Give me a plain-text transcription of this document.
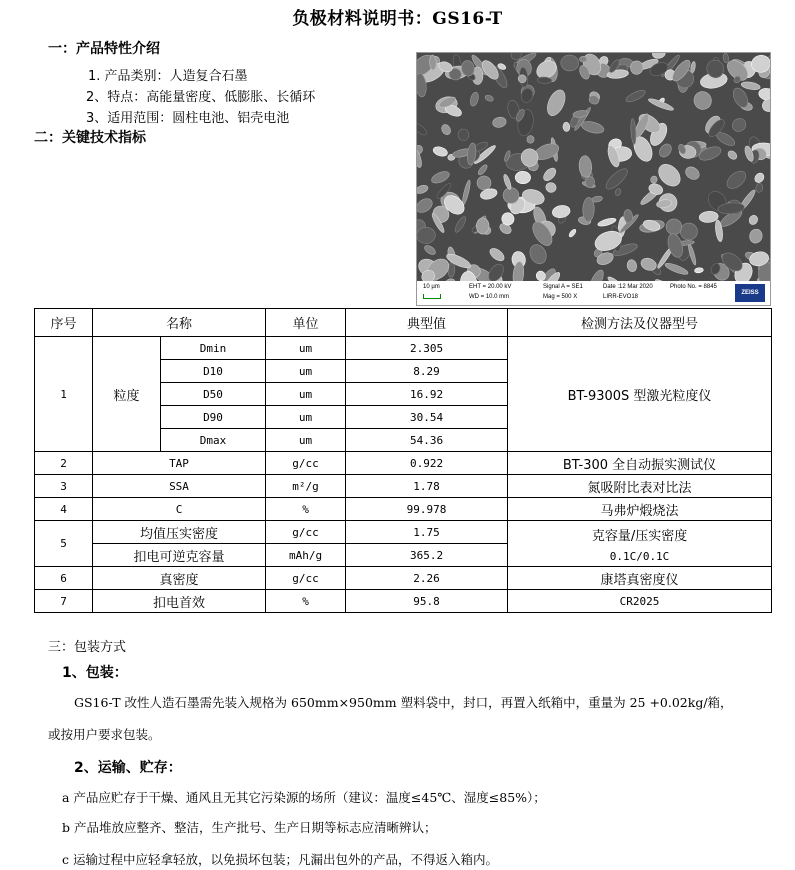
负极材料说明书：GS16-T
一：产品特性介绍
1. 产品类别：人造复合石墨
2、特点：高能量密度、低膨胀、长循环
3、适用范围：圆柱电池、铝壳电池
二：关键技术指标
10 µm	EHT = 20.00 kV
WD = 10.0 mm
Signal A = SE1
Mag = 500 X
Date :12 Mar 2020
LIRR-EVO18
Photo No. = 8845
ZEISS
序号	名称		单位	典型值	检测方法及仪器型号
1	粒度	Dmin	um	2.305	BT-9300S 型激光粒度仪
		D10	um	8.29	
		D50	um	16.92	
		D90	um	30.54	
		Dmax	um	54.36	
2	TAP		g/cc	0.922	BT-300 全自动振实测试仪
3	SSA		m²/g	1.78	氮吸附比表对比法
4	C		%	99.978	马弗炉煅烧法
5	均值压实密度		g/cc	1.75	克容量/压实密度
0.1C/0.1C

	扣电可逆克容量		mAh/g	365.2	
6	真密度		g/cc	2.26	康塔真密度仪
7	扣电首效		%	95.8	CR2025
三：包装方式
1、包装：
GS16-T 改性人造石墨需先装入规格为 650mm×950mm 塑料袋中，封口，再置入纸箱中，重量为 25 +0.02kg/箱，
或按用户要求包装。
2、运输、贮存：
a 产品应贮存于干燥、通风且无其它污染源的场所（建议：温度≤45℃、湿度≤85%）；
b 产品堆放应整齐、整洁，生产批号、生产日期等标志应清晰辨认；
c 运输过程中应轻拿轻放，以免损坏包装；凡漏出包外的产品，不得返入箱内。
